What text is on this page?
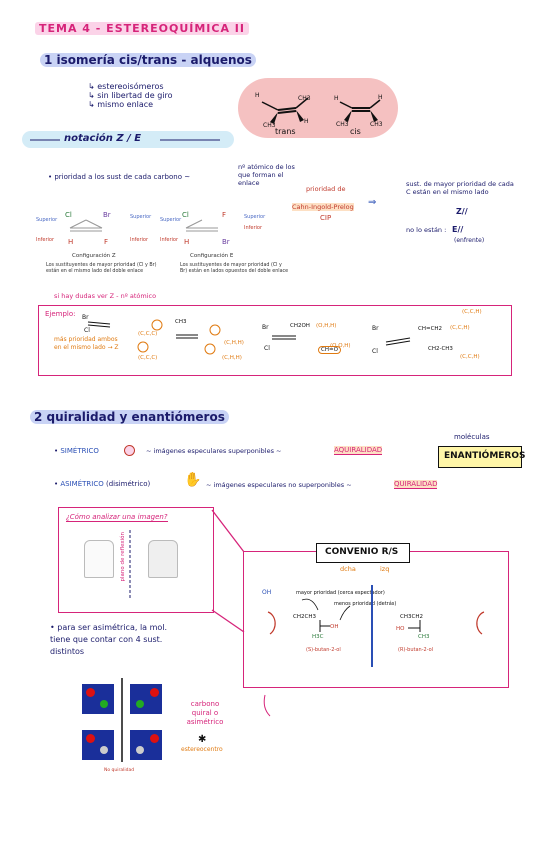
TEMA 4 - ESTEREOQUÍMICA II
1 isomería cis/trans - alquenos
↳ estereoisómeros
↳ sin libertad de giro
↳ mismo enlace
H	CH3
CH3
H
trans
H	H
CH3	CH3
cis
notación Z / E
• prioridad a los sust de cada carbono ~
nº atómico de los que forman el enlace
prioridad de
Cahn-Ingold-Prelog
CIP
⇒
sust. de mayor prioridad de cada C están en el mismo lado
Z//
no lo están : E//
(enfrente)
Cl	Br
H	F
Superior	Superior
Inferior	Inferior
Configuración Z
Los sustituyentes de mayor prioridad (Cl y Br) están en el mismo lado del doble enlace
Cl
Br
H
F
Superior
Inferior
Inferior
Superior
Configuración E
Los sustituyentes de mayor prioridad (Cl y Br) están en lados opuestos del doble enlace
si hay dudas ver Z - nº atómico
Ejemplo:
más prioridad ambos en el mismo lado → Z
(C,C,C)
(C,H,H)
(C,C,C)	(C,H,H)
(O,H,H)
(O,O,H)
(C,C,H)
(C,C,H)
(C,C,H)
CH3
CH2OH
CH=O
CH=CH2
CH2-CH3
Br
Cl	Br
Cl
Br
Cl
2 quiralidad y enantiómeros
• SIMÉTRICO	~ imágenes especulares superponibles ~	AQUIRALIDAD
• ASIMÉTRICO (disimétrico) ✋ ~ imágenes especulares no superponibles ~	QUIRALIDAD
moléculas
ENANTIÓMEROS
¿Cómo analizar una imagen?
plano de reflexión	CONVENIO R/S
dcha	izq
OH	mayor prioridad (cerca espectador)
menos prioridad (detrás)
CH2CH3
OH
H3C
CH3CH2
HO
CH3
(S)-butan-2-ol	(R)-butan-2-ol
• para ser asimétrica, la mol. tiene que contar con 4 sust. distintos
No quiralidad
carbono quiral o asimétrico
✱
estereocentro
